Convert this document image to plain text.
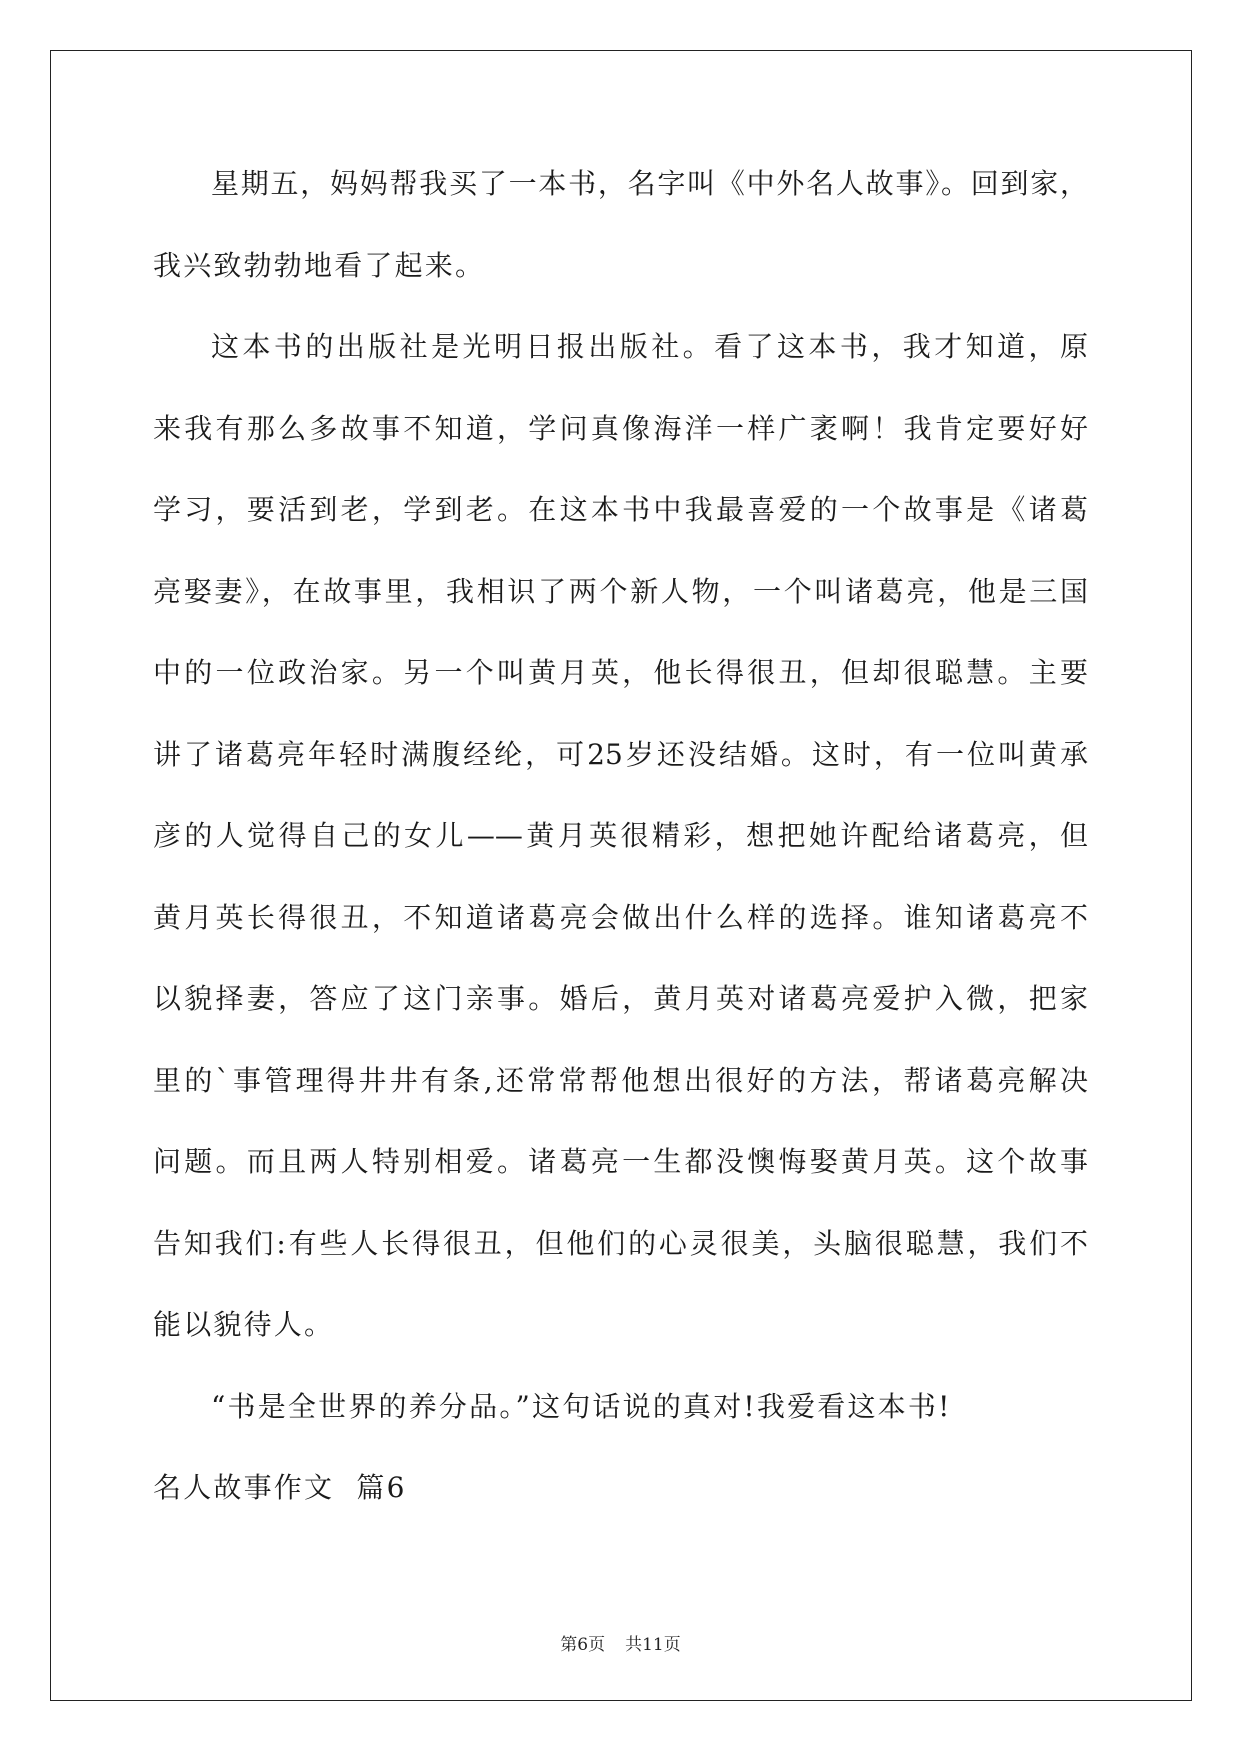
星期五，妈妈帮我买了一本书，名字叫《中外名人故事》。回到家，
我兴致勃勃地看了起来。
这本书的出版社是光明日报出版社。看了这本书，我才知道，原
来我有那么多故事不知道，学问真像海洋一样广袤啊！我肯定要好好
学习，要活到老，学到老。在这本书中我最喜爱的一个故事是《诸葛
亮娶妻》，在故事里，我相识了两个新人物，一个叫诸葛亮，他是三国
中的一位政治家。另一个叫黄月英，他长得很丑，但却很聪慧。主要
讲了诸葛亮年轻时满腹经纶，可25岁还没结婚。这时，有一位叫黄承
彦的人觉得自己的女儿——黄月英很精彩，想把她许配给诸葛亮，但
黄月英长得很丑，不知道诸葛亮会做出什么样的选择。谁知诸葛亮不
以貌择妻，答应了这门亲事。婚后，黄月英对诸葛亮爱护入微，把家
里的`事管理得井井有条,还常常帮他想出很好的方法，帮诸葛亮解决
问题。而且两人特别相爱。诸葛亮一生都没懊悔娶黄月英。这个故事
告知我们:有些人长得很丑，但他们的心灵很美，头脑很聪慧，我们不
能以貌待人。
“书是全世界的养分品。”这句话说的真对!我爱看这本书!
名人故事作文  篇6
第6页 共11页
